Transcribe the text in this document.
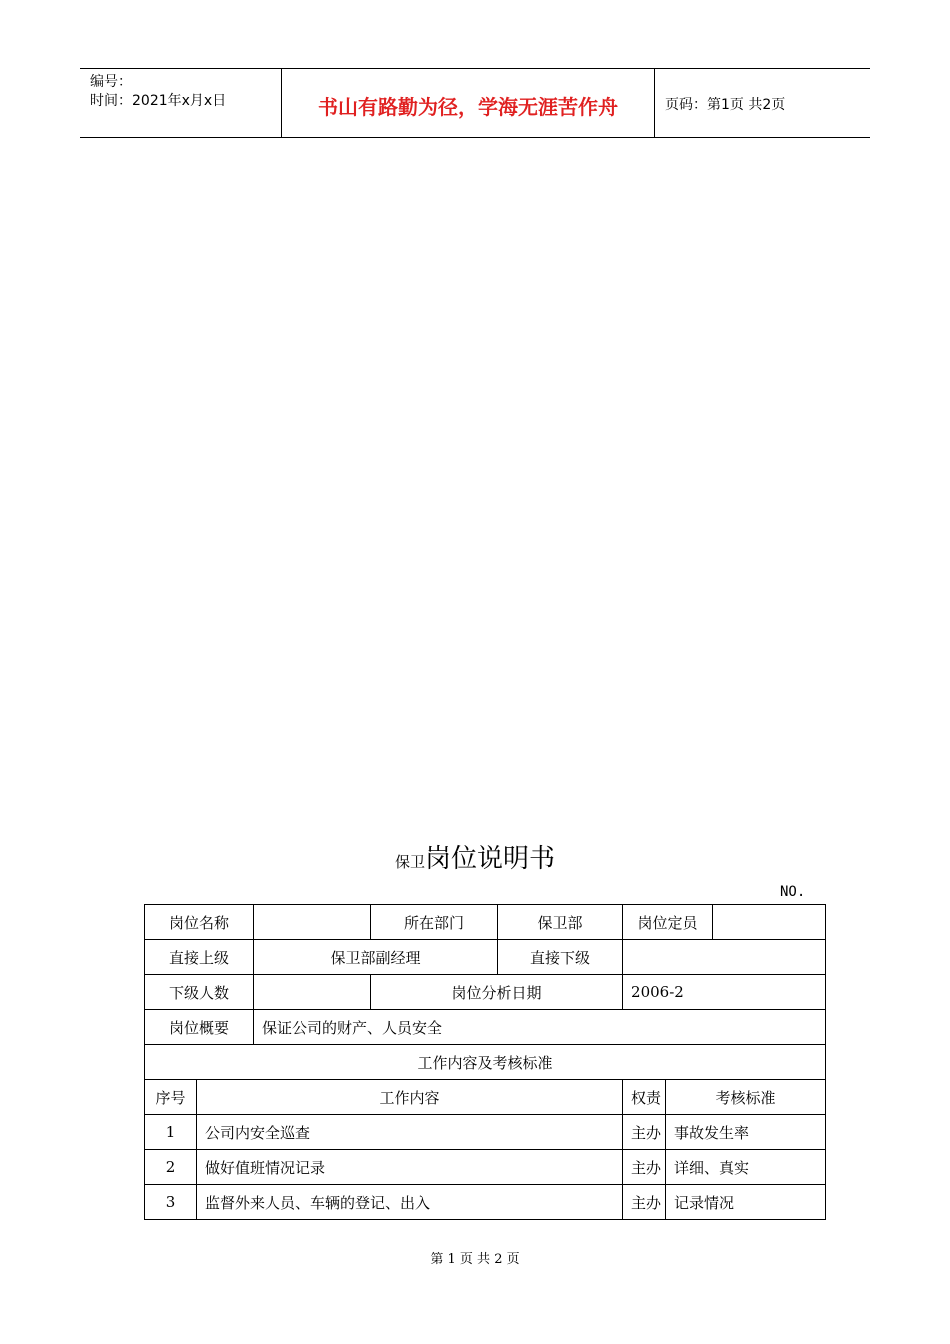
编号：
时间：2021年x月x日	书山有路勤为径，学海无涯苦作舟	页码：第1页 共2页
保卫岗位说明书
NO.
岗位名称			所在部门	保卫部	岗位定员		
直接上级		保卫部副经理		直接下级			
下级人数			岗位分析日期		2006-2		
岗位概要		保证公司的财产、人员安全					
工作内容及考核标准							
序号	工作内容				权责	考核标准	
1	公司内安全巡查				主办	事故发生率	
2	做好值班情况记录				主办	详细、真实	
3	监督外来人员、车辆的登记、出入				主办	记录情况	
第 1 页 共 2 页
